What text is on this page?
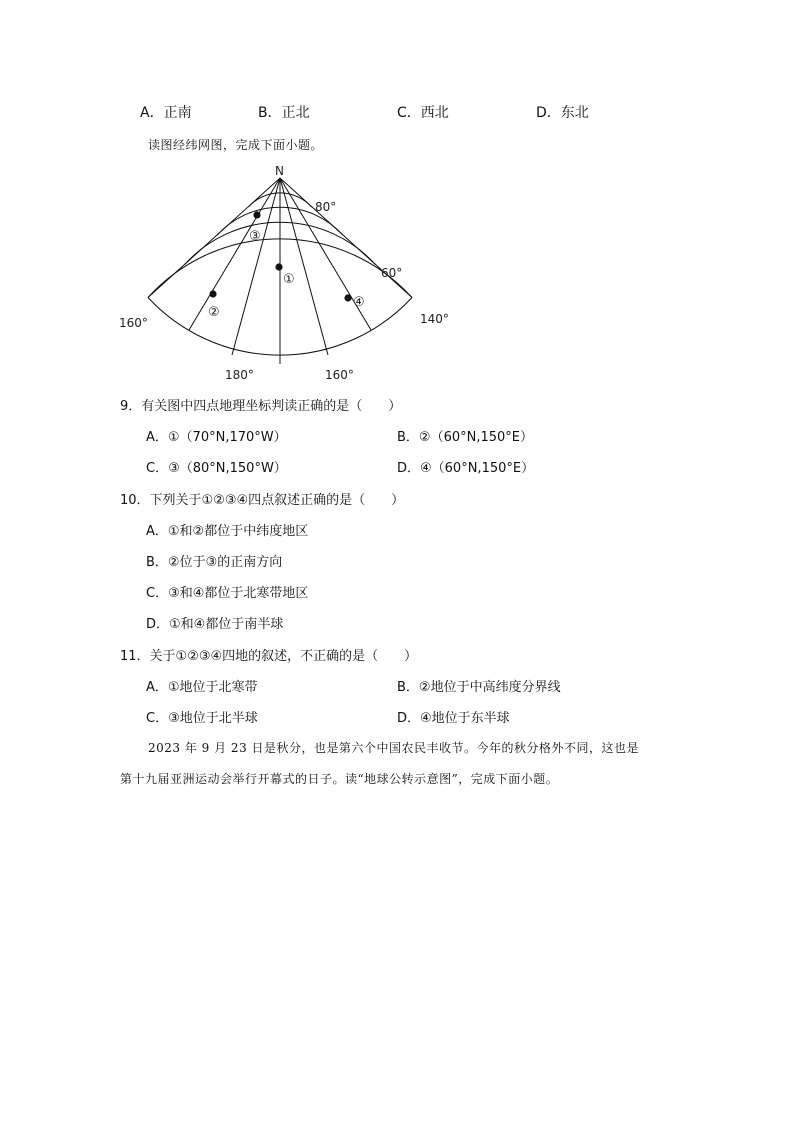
A．正南	B．正北	C．西北	D．东北
读图经纬网图，完成下面小题。
N
80°
60°
160°	140°
180°	160°
③
①
②
④
9．有关图中四点地理坐标判读正确的是（　　）
A．①（70°N,170°W）	B．②（60°N,150°E）
C．③（80°N,150°W）	D．④（60°N,150°E）
10．下列关于①②③④四点叙述正确的是（　　）
A．①和②都位于中纬度地区
B．②位于③的正南方向
C．③和④都位于北寒带地区
D．①和④都位于南半球
11．关于①②③④四地的叙述，不正确的是（　　）
A．①地位于北寒带	B．②地位于中高纬度分界线
C．③地位于北半球	D．④地位于东半球
2023 年 9 月 23 日是秋分，也是第六个中国农民丰收节。今年的秋分格外不同，这也是
第十九届亚洲运动会举行开幕式的日子。读“地球公转示意图”，完成下面小题。
